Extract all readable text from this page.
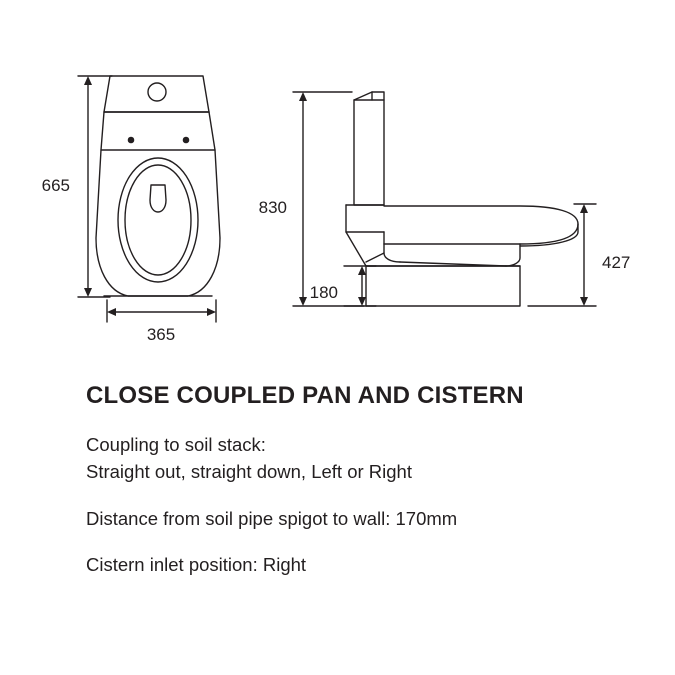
665
365
830
180
427
CLOSE COUPLED PAN AND CISTERN

Coupling to soil stack:
Straight out, straight down, Left or Right

Distance from soil pipe spigot to wall: 170mm

Cistern inlet position: Right
